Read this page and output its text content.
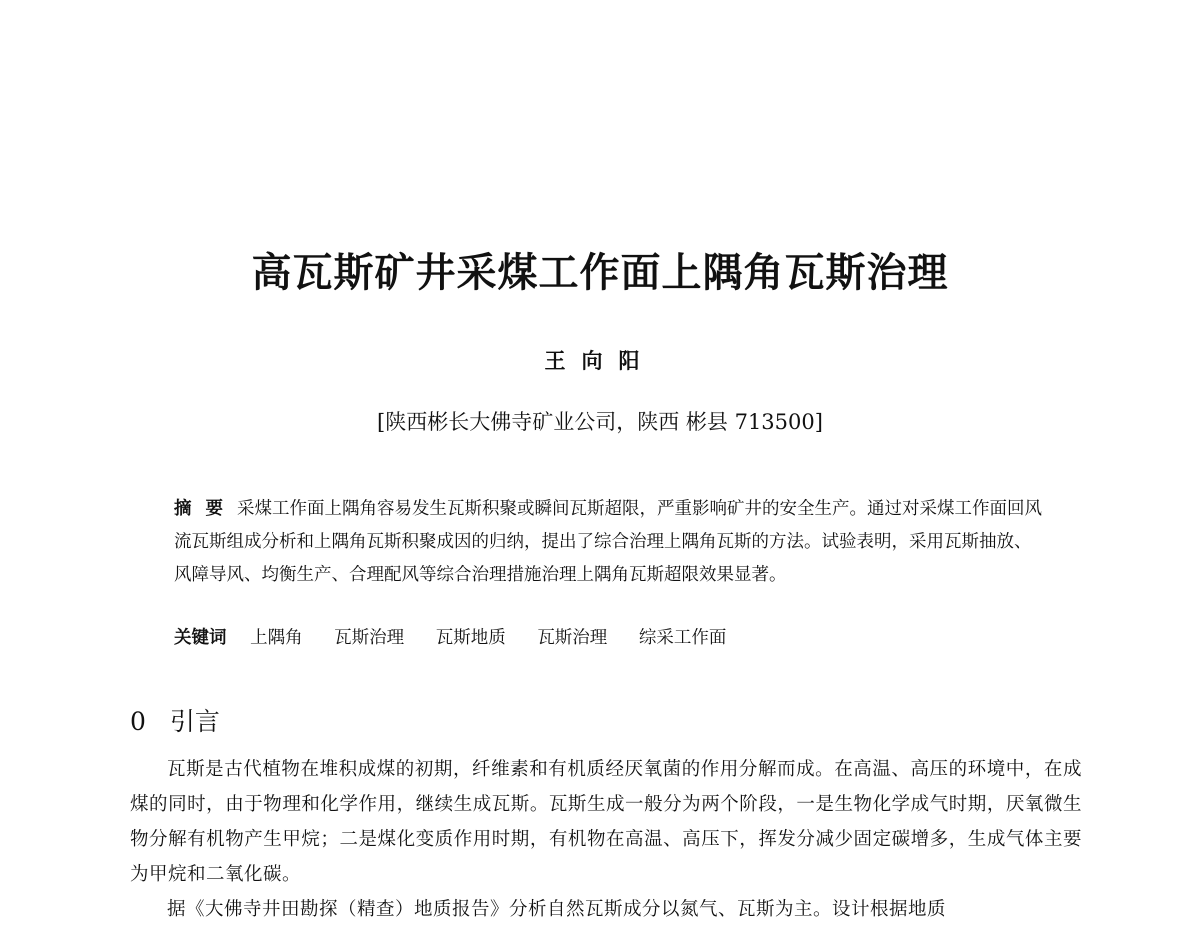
高瓦斯矿井采煤工作面上隅角瓦斯治理
王向阳
[陕西彬长大佛寺矿业公司，陕西 彬县 713500]
摘要采煤工作面上隅角容易发生瓦斯积聚或瞬间瓦斯超限，严重影响矿井的安全生产。通过对采煤工作面回风流瓦斯组成分析和上隅角瓦斯积聚成因的归纳，提出了综合治理上隅角瓦斯的方法。试验表明，采用瓦斯抽放、风障导风、均衡生产、合理配风等综合治理措施治理上隅角瓦斯超限效果显著。
关键词 上隅角 瓦斯治理 瓦斯地质 瓦斯治理 综采工作面
0 引言

瓦斯是古代植物在堆积成煤的初期，纤维素和有机质经厌氧菌的作用分解而成。在高温、高压的环境中，在成煤的同时，由于物理和化学作用，继续生成瓦斯。瓦斯生成一般分为两个阶段，一是生物化学成气时期，厌氧微生物分解有机物产生甲烷；二是煤化变质作用时期，有机物在高温、高压下，挥发分减少固定碳增多，生成气体主要为甲烷和二氧化碳。

据《大佛寺井田勘探（精查）地质报告》分析自然瓦斯成分以氮气、瓦斯为主。设计根据地质
